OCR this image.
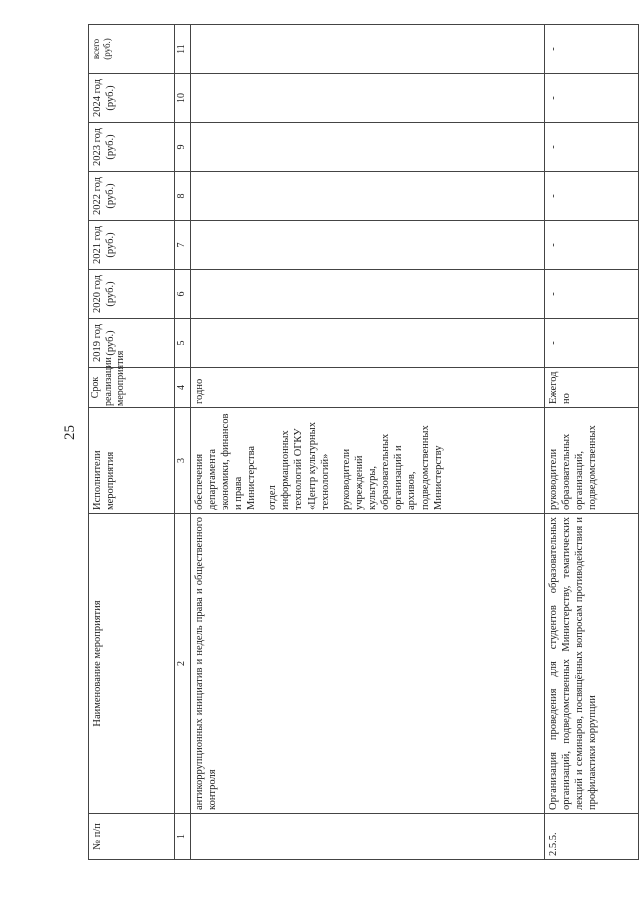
25
№ п/п	Наименование мероприятия	Исполнители мероприятия	Срок реализации мероприятия	2019 год (руб.)	2020 год (руб.)	2021 год (руб.)	2022 год (руб.)	2023 год (руб.)	2024 год (руб.)	всего (руб.)
1	2	3	4	5	6	7	8	9	10	11
	антикоррупционных инициатив и недель права и общественного контроля	обеспечения департамента экономики, финансов и права Министерства отдел информационных технологий ОГКУ «Центр культурных технологий» руководители учреждений культуры, образовательных организаций и архивов, подведомственных Министерству	годно							
2.5.5.	Организация проведения для студентов образовательных организаций, подведомственных Министерству, тематических лекций и семинаров, посвящённых вопросам противодействия и профилактики коррупции	руководители образовательных организаций, подведомственных	Ежегодно	-	-	-	-	-	-	-
